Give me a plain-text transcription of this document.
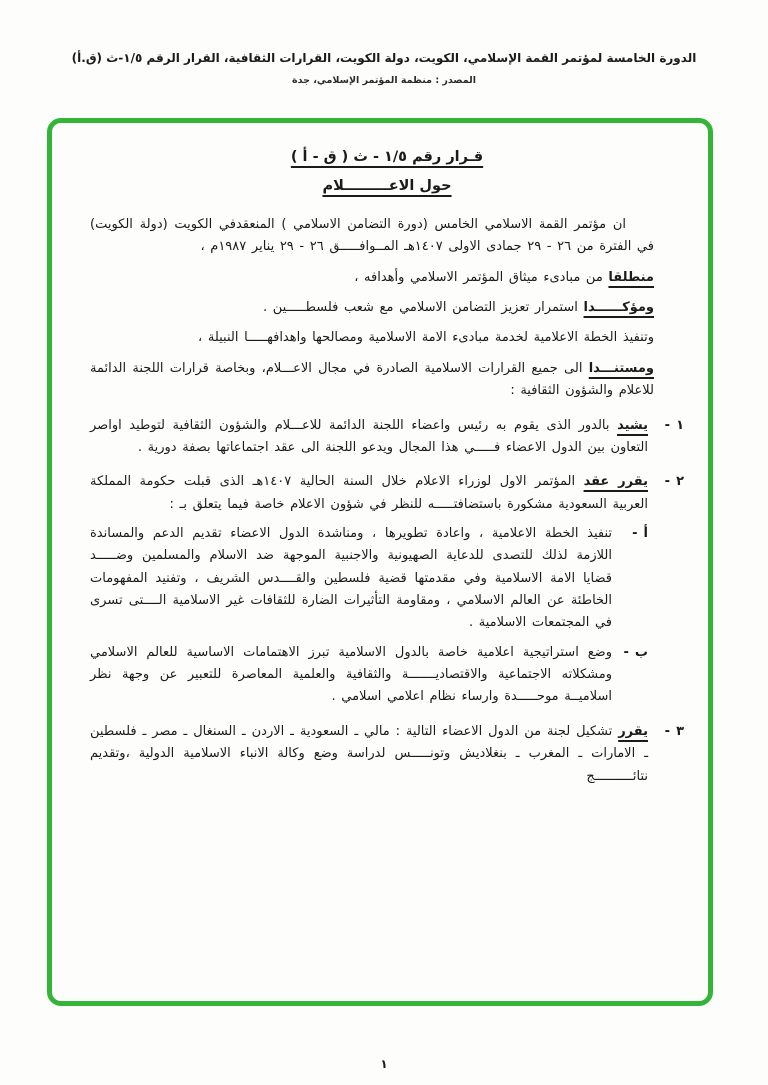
الدورة الخامسة لمؤتمر القمة الإسلامي، الكويت، دولة الكويت، القرارات الثقافية، القرار الرقم ١/٥-ث (ق.أ)
المصدر : منظمة المؤتمر الإسلامي، جدة
قـرار رقم ١/٥ - ث ( ق - أ )
حول الاعـــــــــلام

ان مؤتمر القمة الاسلامي الخامس (دورة التضامن الاسلامي ) المنعقدفي الكويت (دولة الكويت) في الفترة من ٢٦ - ٢٩ جمادى الاولى ١٤٠٧هـ المــوافـــــق ٢٦ - ٢٩ يناير ١٩٨٧م ،

منطلقا من مبادىء ميثاق المؤتمر الاسلامي وأهدافه ،

ومؤكــــــدا استمرار تعزيز التضامن الاسلامي مع شعب فلسطـــــين .

وتنفيذ الخطة الاعلامية لخدمة مبادىء الامة الاسلامية ومصالحها واهدافهـــــا النبيلة ،

ومستنـــدا الى جميع القرارات الاسلامية الصادرة في مجال الاعـــلام، وبخاصة قرارات اللجنة الدائمة للاعلام والشؤون الثقافية :

١ -
يشيد بالدور الذى يقوم به رئيس واعضاء اللجنة الدائمة للاعـــلام والشؤون الثقافية لتوطيد اواصر التعاون بين الدول الاعضاء فـــــي هذا المجال ويدعو اللجنة الى عقد اجتماعاتها بصفة دورية .
٢ -
يقرر عقد المؤتمر الاول لوزراء الاعلام خلال السنة الحالية ١٤٠٧هـ الذى قبلت حكومة المملكة العربية السعودية مشكورة باستضافتـــــه للنظر في شؤون الاعلام خاصة فيما يتعلق بـ :
أ -
تنفيذ الخطة الاعلامية ، واعادة تطويرها ، ومناشدة الدول الاعضاء تقديم الدعم والمساندة اللازمة لذلك للتصدى للدعاية الصهيونية والاجنبية الموجهة ضد الاسلام والمسلمين وضـــــد قضايا الامة الاسلامية وفي مقدمتها قضية فلسطين والقــــدس الشريف ، وتفنيد المفهومات الخاطئة عن العالم الاسلامي ، ومقاومة التأثيرات الضارة للثقافات غير الاسلامية الــــتى تسرى في المجتمعات الاسلامية .
ب -
وضع استراتيجية اعلامية خاصة بالدول الاسلامية تبرز الاهتمامات الاساسية للعالم الاسلامي ومشكلاته الاجتماعية والاقتصاديـــــــة والثقافية والعلمية المعاصرة للتعبير عن وجهة نظر اسلاميــة موحـــــدة وارساء نظام اعلامي اسلامي .
٣ -
يقرر تشكيل لجنة من الدول الاعضاء التالية : مالي ـ السعودية ـ الاردن ـ السنغال ـ مصر ـ فلسطين ـ الامارات ـ المغرب ـ بنغلاديش وتونـــــس لدراسة وضع وكالة الانباء الاسلامية الدولية ،وتقديم نتائــــــــــج
١
